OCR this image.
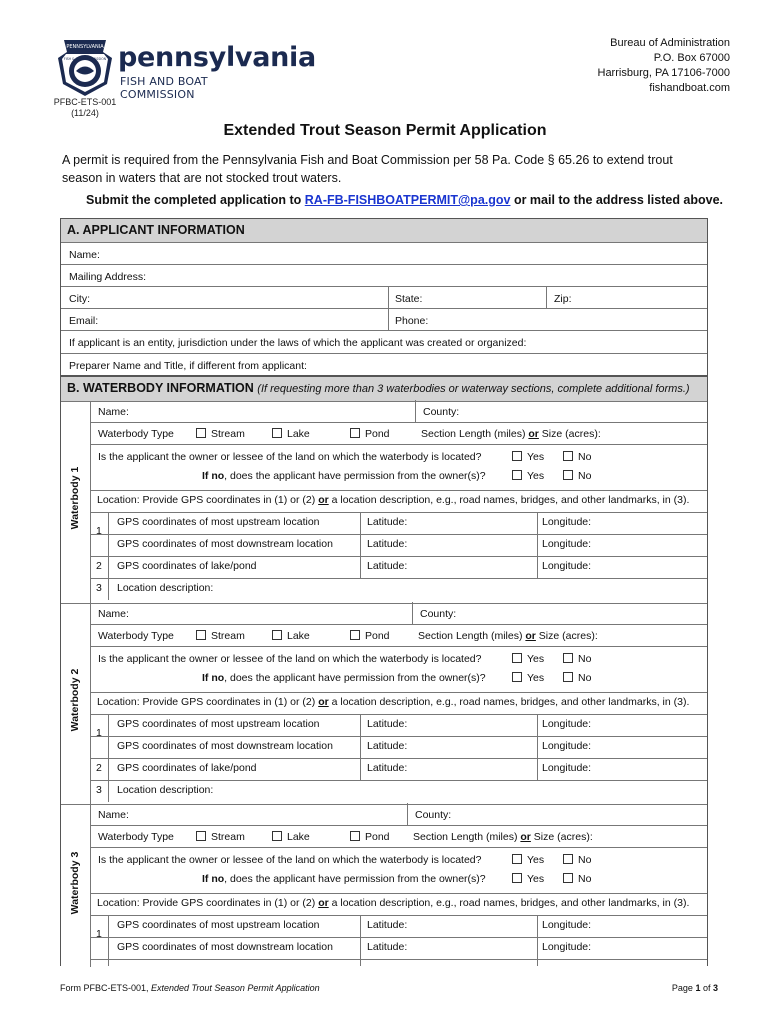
PENNSYLVANIA
FISH & BOAT COMMISSION pennsylvania
FISH AND BOAT COMMISSION
Bureau of Administration
P.O. Box 67000
Harrisburg, PA 17106-7000
fishandboat.com
PFBC-ETS-001
(11/24)
Extended Trout Season Permit Application
A permit is required from the Pennsylvania Fish and Boat Commission per 58 Pa. Code § 65.26 to extend trout
season in waters that are not stocked trout waters.
Submit the completed application to RA-FB-FISHBOATPERMIT@pa.gov or mail to the address listed above.
A. APPLICANT INFORMATION
Name:
Mailing Address:
City:	State:	Zip:
Email:	Phone:
If applicant is an entity, jurisdiction under the laws of which the applicant was created or organized:
Preparer Name and Title, if different from applicant:
B. WATERBODY INFORMATION (If requesting more than 3 waterbodies or waterway sections, complete additional forms.)
Waterbody 1
Name:	County:
Waterbody Type	Stream	Lake	Pond	Section Length (miles) or Size (acres):
Is the applicant the owner or lessee of the land on which the waterbody is located?	Yes	No
If no, does the applicant have permission from the owner(s)?	Yes	No
Location: Provide GPS coordinates in (1) or (2) or a location description, e.g., road names, bridges, and other landmarks, in (3).
1
GPS coordinates of most upstream location	Latitude:	Longitude:
GPS coordinates of most downstream location	Latitude:	Longitude:
2 GPS coordinates of lake/pond	Latitude:	Longitude:
3 Location description:
Waterbody 2
Name:	County:
Waterbody Type	Stream	Lake	Pond	Section Length (miles) or Size (acres):
Is the applicant the owner or lessee of the land on which the waterbody is located?	Yes	No
If no, does the applicant have permission from the owner(s)?	Yes	No
Location: Provide GPS coordinates in (1) or (2) or a location description, e.g., road names, bridges, and other landmarks, in (3).
1
GPS coordinates of most upstream location	Latitude:	Longitude:
GPS coordinates of most downstream location	Latitude:	Longitude:
2 GPS coordinates of lake/pond	Latitude:	Longitude:
3 Location description:
Waterbody 3
Name:	County:
Waterbody Type	Stream	Lake	Pond Section Length (miles) or Size (acres):
Is the applicant the owner or lessee of the land on which the waterbody is located?	Yes	No
If no, does the applicant have permission from the owner(s)?	Yes	No
Location: Provide GPS coordinates in (1) or (2) or a location description, e.g., road names, bridges, and other landmarks, in (3).
1
GPS coordinates of most upstream location	Latitude:	Longitude:
GPS coordinates of most downstream location	Latitude:	Longitude:
Form PFBC-ETS-001, Extended Trout Season Permit Application	Page 1 of 3
